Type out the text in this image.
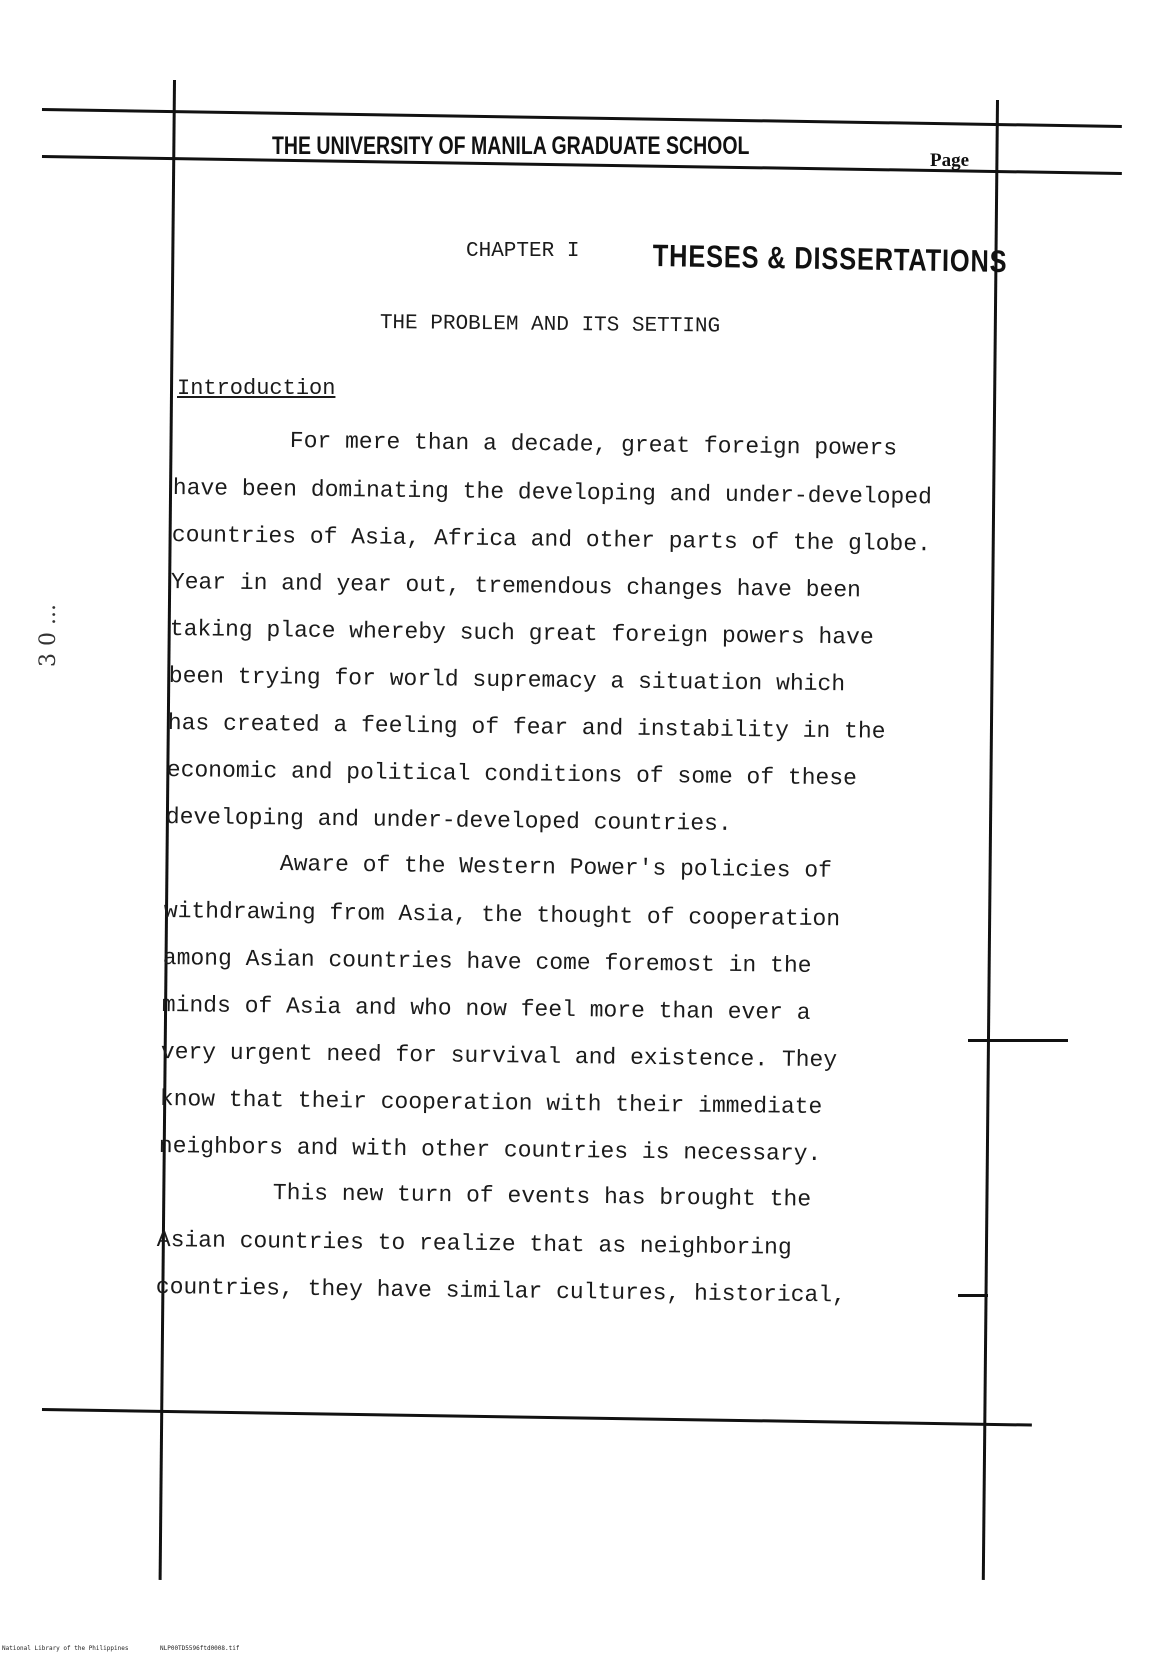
THE UNIVERSITY OF MANILA GRADUATE SCHOOL
Page
CHAPTER I THESES & DISSERTATIONS
THE PROBLEM AND ITS SETTING
Introduction
For mere than a decade, great foreign powers
have been dominating the developing and under-developed
countries of Asia, Africa and other parts of the globe.
Year in and year out, tremendous changes have been
taking place whereby such great foreign powers have
been trying for world supremacy a situation which
has created a feeling of fear and instability in the
economic and political conditions of some of these
developing and under-developed countries.
Aware of the Western Power's policies of
withdrawing from Asia, the thought of cooperation
among Asian countries have come foremost in the
minds of Asia and who now feel more than ever a
very urgent need for survival and existence. They
know that their cooperation with their immediate
neighbors and with other countries is necessary.
This new turn of events has brought the
Asian countries to realize that as neighboring
countries, they have similar cultures, historical,
3 0 ...
National Library of the Philippines	NLP00TD5596ftd0008.tif
